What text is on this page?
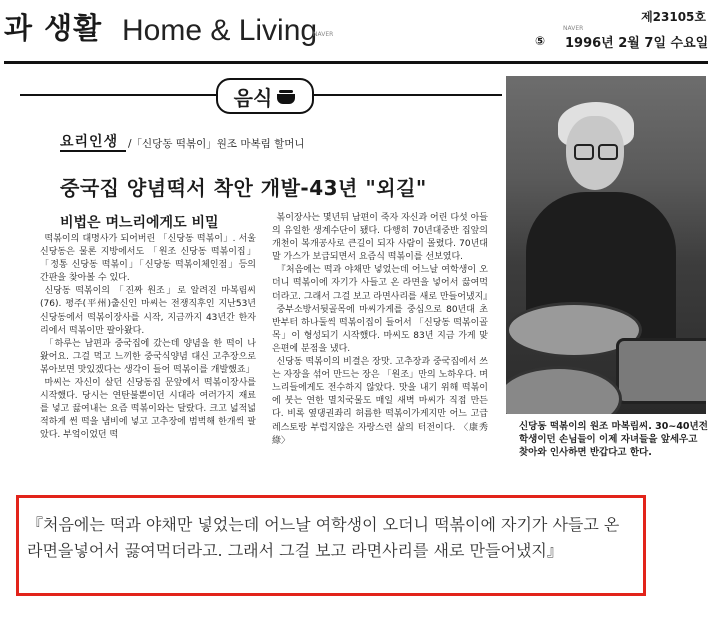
과 생활 Home & Living
NAVER
제23105호
NAVER
⑤ 1996년 2월 7일 수요일
음식
요리인생 /「신당동 떡볶이」원조 마복림 할머니
중국집 양념떡서 착안 개발-43년 "외길"
비법은 며느리에게도 비밀

떡볶이의 대명사가 되어버린 「신당동 떡볶이」. 서울 신당동은 물론 지방에서도 「원조 신당동 떡볶이집」「정통 신당동 떡볶이」「신당동 떡볶이체인점」등의 간판을 찾아볼 수 있다.

신당동 떡볶이의 「진짜 원조」로 알려진 마복림씨(76). 평주(平州)출신인 마씨는 전쟁직후인 지난53년 신당동에서 떡볶이장사를 시작, 지금까지 43년간 한자리에서 떡볶이만 팔아왔다.

「하루는 남편과 중국집에 갔는데 양념을 한 떡이 나왔어요. 그걸 먹고 느끼한 중국식양념 대신 고추장으로 볶아보면 맛있겠다는 생각이 들어 떡볶이를 개발했죠」

마씨는 자신이 살던 신당동집 문앞에서 떡볶이장사를 시작했다. 당시는 연탄불뿐이던 시대라 여러가지 재료를 넣고 끓여내는 요즘 떡볶이와는 달랐다. 크고 넓적넓적하게 썬 떡을 냄비에 넣고 고추장에 범벅해 한개씩 팔았다. 부엌이었던 떡

볶이장사는 몇년뒤 남편이 죽자 자신과 어린 다섯 아들의 유일한 생계수단이 됐다. 다행히 70년대중반 집앞의 개천이 복개공사로 큰길이 되자 사람이 몰렸다. 70년대 말 가스가 보급되면서 요즘식 떡볶이를 선보였다.

『처음에는 떡과 야채만 넣었는데 어느날 여학생이 오더니 떡볶이에 자기가 사들고 온 라면을 넣어서 끓여먹더라고. 그래서 그걸 보고 라면사리를 새로 만들어냈지』

중부소방서뒷골목에 마씨가게를 중심으로 80년대 초반부터 하나둘씩 떡볶이집이 들어서 「신당동 떡볶이골목」이 형성되기 시작했다. 마씨도 83년 지금 가게 맞은편에 분점을 냈다.

신당동 떡볶이의 비결은 장맛. 고추장과 중국집에서 쓰는 자장을 섞어 만드는 장은 「원조」만의 노하우다. 며느리들에게도 전수하지 않았다. 맛을 내기 위해 떡볶이에 붓는 연한 멸치국물도 매일 새벽 마씨가 직접 만든다. 비록 옆댕권좌리 허름한 떡볶이가게지만 어느 고급레스토랑 부럽지않은 자랑스런 삶의 터전이다. 〈康秀綠〉

신당동 떡볶이의 원조 마복림씨. 30~40년전 학생이던 손님들이 이제 자녀들을 앞세우고 찾아와 인사하면 반갑다고 한다.
『처음에는 떡과 야채만 넣었는데 어느날 여학생이 오더니 떡볶이에 자기가 사들고 온 라면을넣어서 끓여먹더라고. 그래서 그걸 보고 라면사리를 새로 만들어냈지』
